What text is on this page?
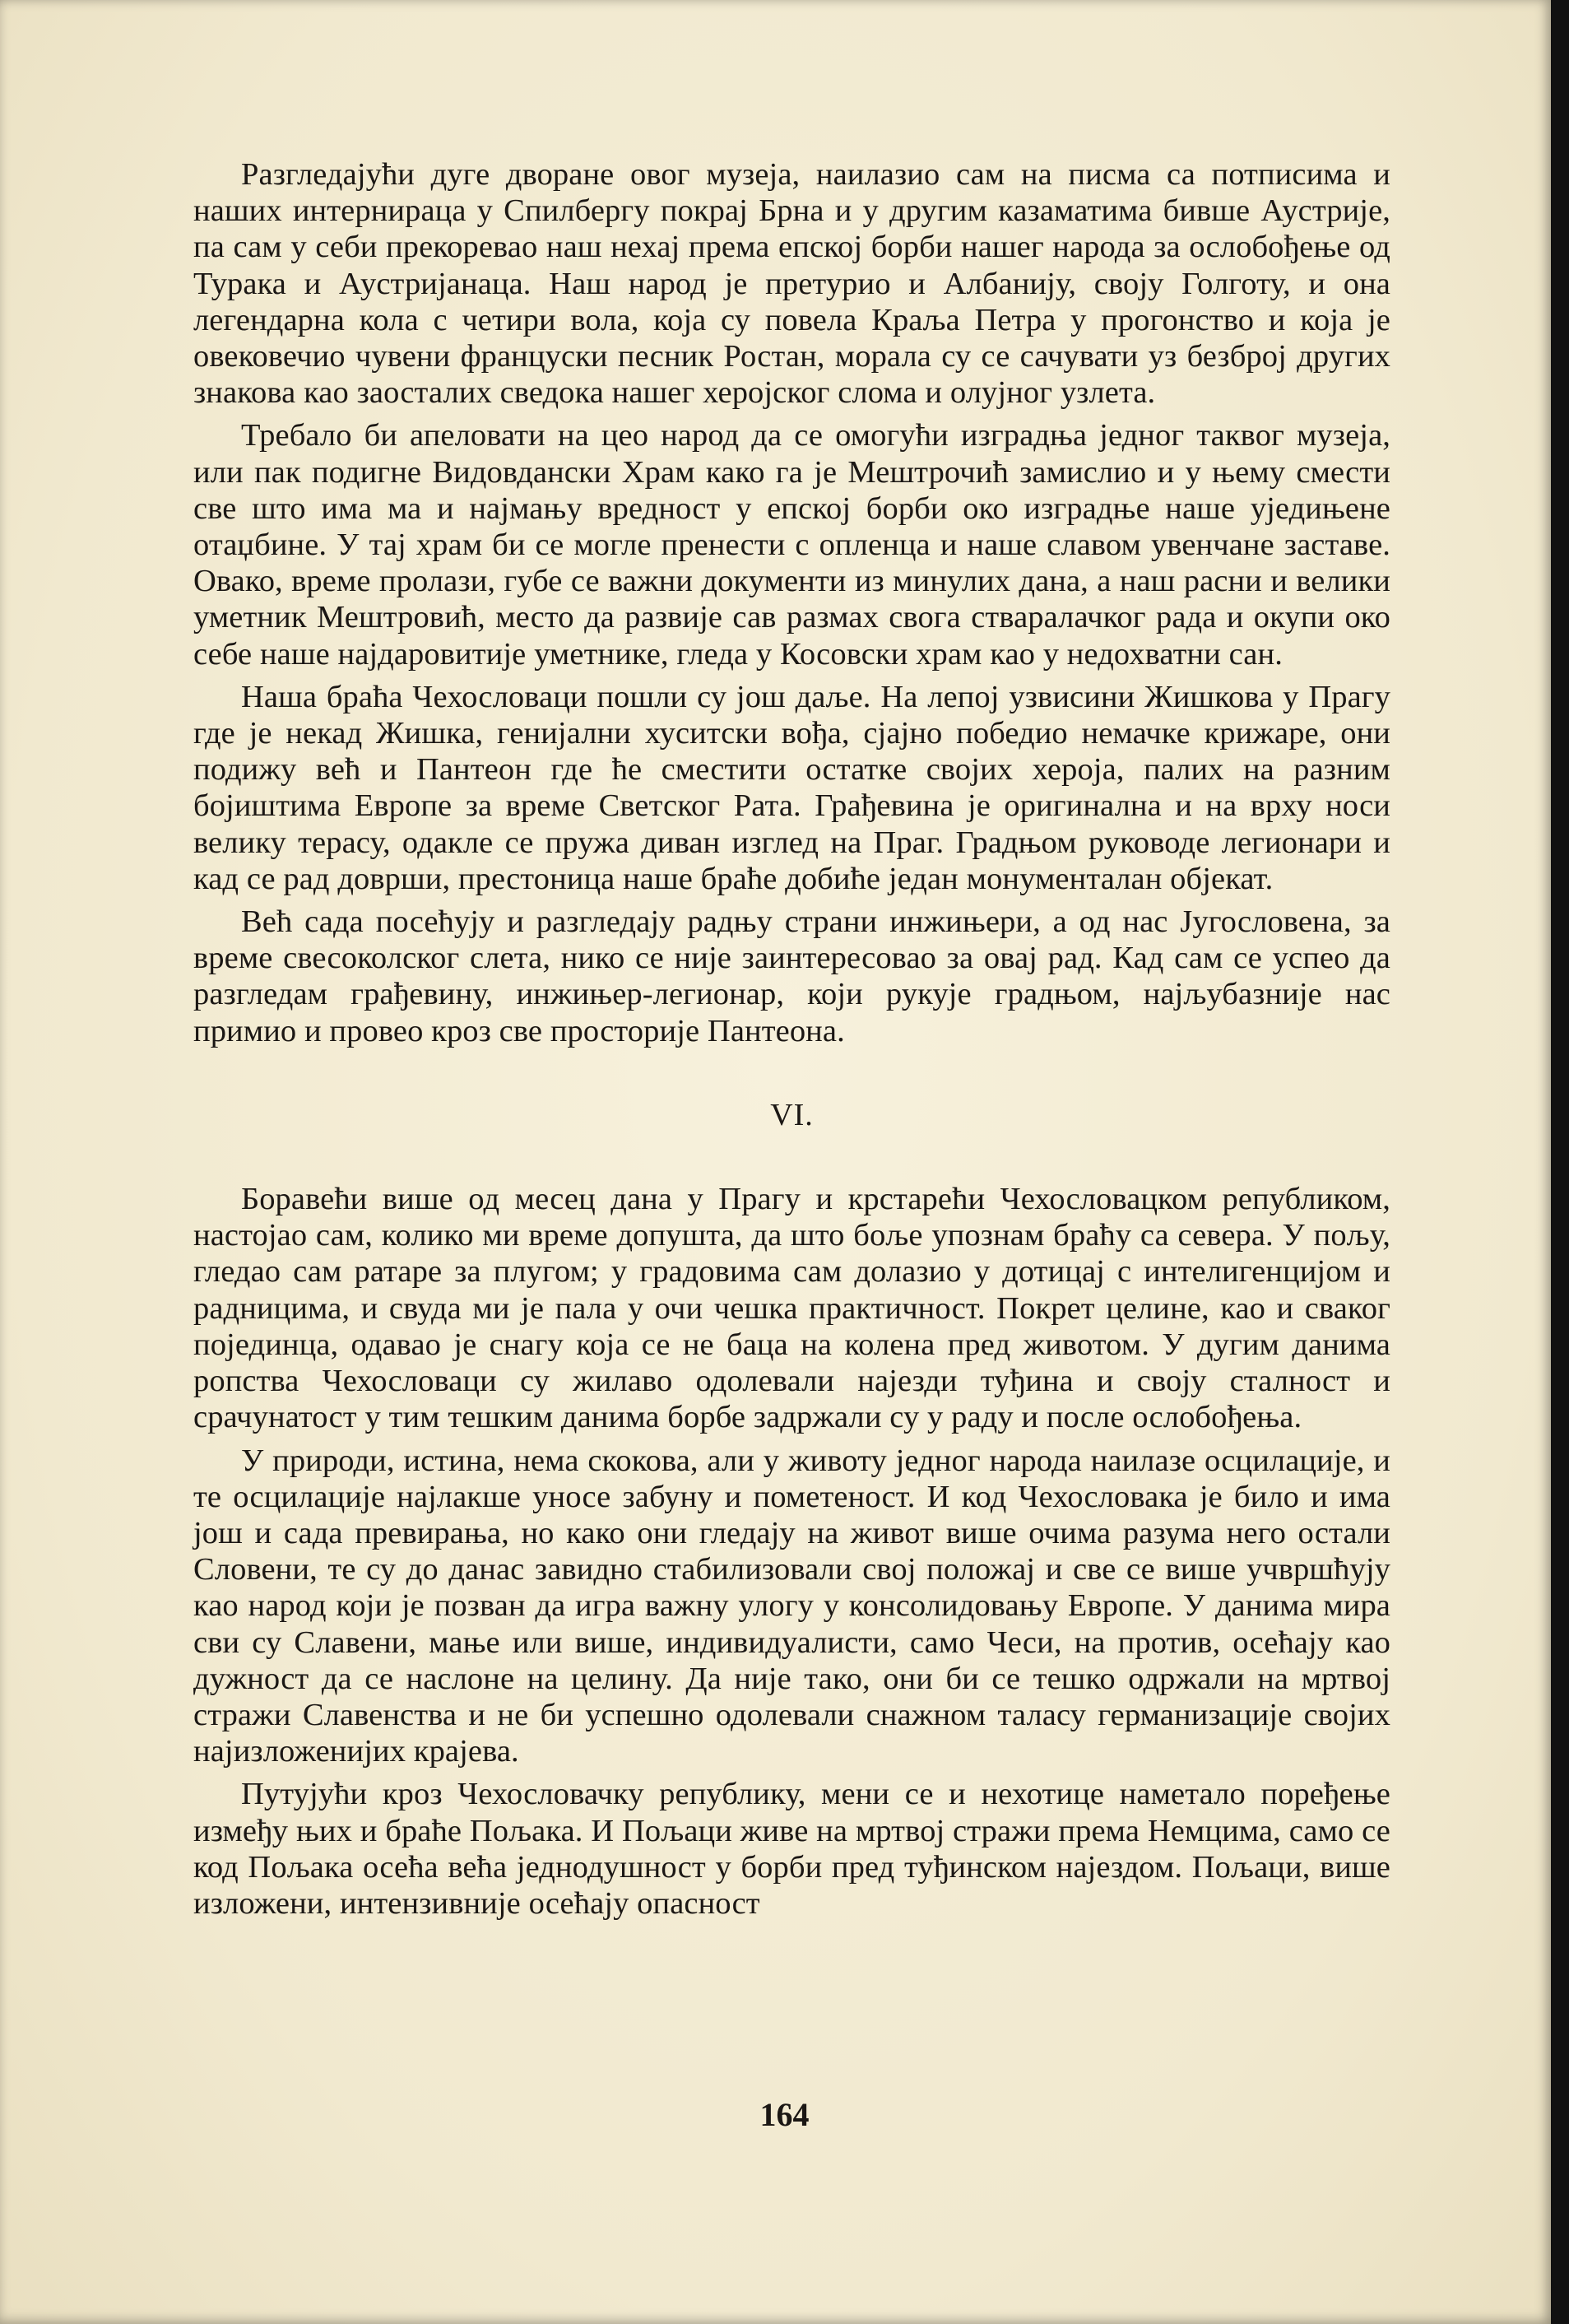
Разгледајући дуге дворане овог музеја, наилазио сам на писма са потписима и наших интернираца у Спилбергу покрај Брна и у другим казаматима бивше Аустрије, па сам у себи прекоревао наш нехај према епској борби нашег народа за ослобођење од Турака и Аустријанаца. Наш народ је претурио и Албанију, своју Голготу, и она легендарна кола с четири вола, која су повела Краља Петра у прогонство и која је овековечио чувени француски песник Ростан, морала су се сачувати уз безброј других знакова као заосталих сведока нашег херојског слома и олујног узлета.

Требало би апеловати на цео народ да се омогући изградња једног таквог музеја, или пак подигне Видовдански Храм како га је Мештрочић замислио и у њему смести све што има ма и најмању вредност у епској борби око изградње наше уједињене отаџбине. У тај храм би се могле пренести с опленца и наше славом увенчане заставе. Овако, време пролази, губе се важни документи из минулих дана, а наш расни и велики уметник Мештровић, место да развије сав размах свога стваралачког рада и окупи око себе наше најдаровитије уметнике, гледа у Косовски храм као у недохватни сан.

Наша браћа Чехословаци пошли су још даље. На лепој узвисини Жишкова у Прагу где је некад Жишка, генијални хуситски вођа, сјајно победио немачке крижаре, они подижу већ и Пантеон где ће сместити остатке својих хероја, палих на разним бојиштима Европе за време Светског Рата. Грађевина је оригинална и на врху носи велику терасу, одакле се пружа диван изглед на Праг. Градњом руководе легионари и кад се рад доврши, престоница наше браће добиће један монументалан објекат.

Већ сада посећују и разгледају радњу страни инжињери, а од нас Југословена, за време свесоколског слета, нико се није заинтересовао за овај рад. Кад сам се успео да разгледам грађевину, инжињер-легионар, који рукује градњом, најљубазније нас примио и провео кроз све просторије Пантеона.

VI.

Боравећи више од месец дана у Прагу и крстарећи Чехословацком републиком, настојао сам, колико ми време допушта, да што боље упознам браћу са севера. У пољу, гледао сам ратаре за плугом; у градовима сам долазио у дотицај с интелигенцијом и радницима, и свуда ми је пала у очи чешка практичност. Покрет целине, као и сваког појединца, одавао је снагу која се не баца на колена пред животом. У дугим данима ропства Чехословаци су жилаво одолевали најезди туђина и своју сталност и срачунатост у тим тешким данима борбе задржали су у раду и после ослобођења.

У природи, истина, нема скокова, али у животу једног народа наилазе осцилације, и те осцилације најлакше уносе забуну и пометеност. И код Чехословака је било и има још и сада превирања, но како они гледају на живот више очима разума него остали Словени, те су до данас завидно стабилизовали свој положај и све се више учвршћују као народ који је позван да игра важну улогу у консолидовању Европе. У данима мира сви су Славени, мање или више, индивидуалисти, само Чеси, на против, осећају као дужност да се наслоне на целину. Да није тако, они би се тешко одржали на мртвој стражи Славенства и не би успешно одолевали снажном таласу германизације својих најизложенијих крајева.

Путујући кроз Чехословачку републику, мени се и нехотице наметало поређење између њих и браће Пољака. И Пољаци живе на мртвој стражи према Немцима, само се код Пољака осећа већа једнодушност у борби пред туђинском најездом. Пољаци, више изложени, интензивније осећају опасност

164
